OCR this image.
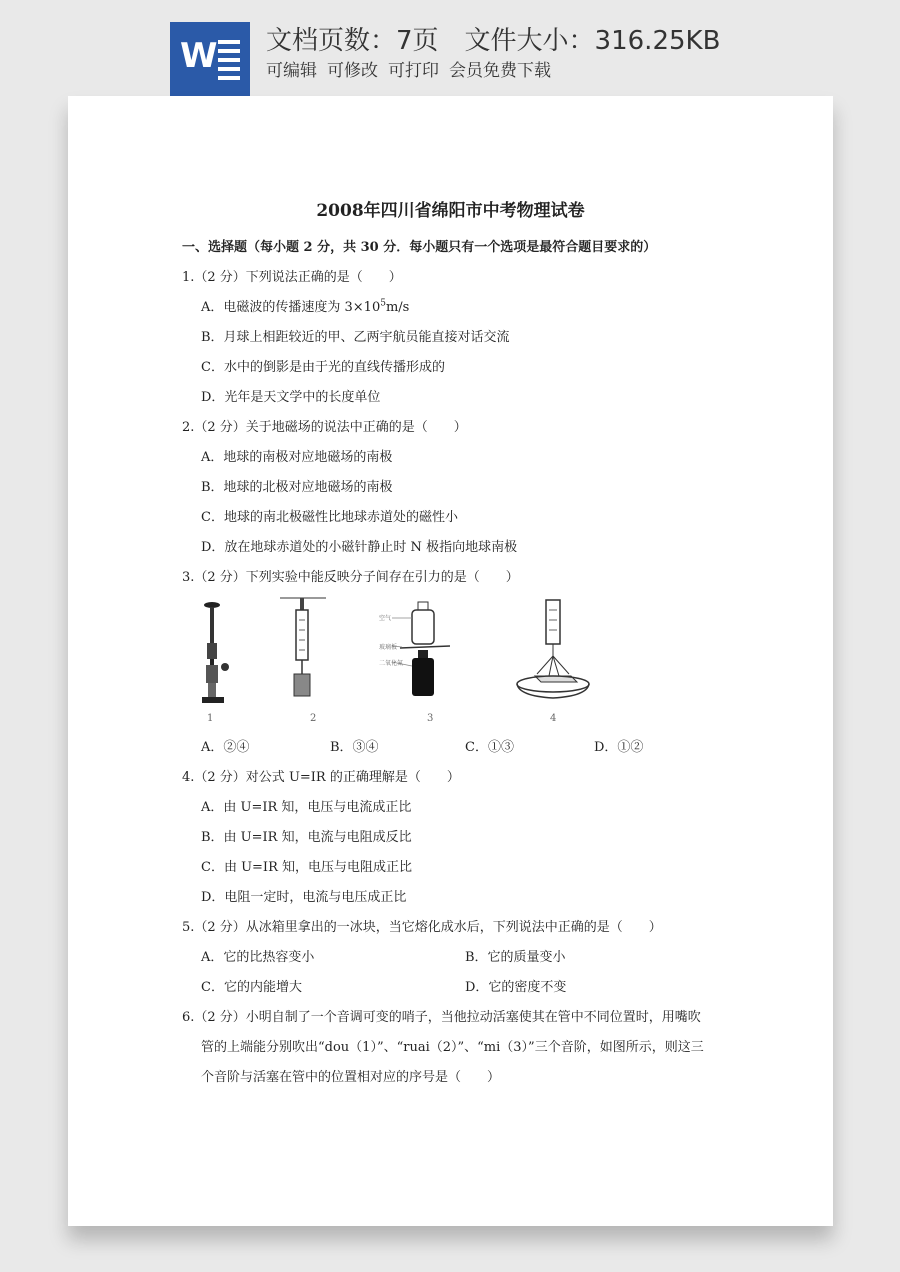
W 文档页数：7页 文件大小：316.25KB
可编辑 可修改 可打印 会员免费下载
2008年四川省绵阳市中考物理试卷
一、选择题（每小题 2 分，共 30 分．每小题只有一个选项是最符合题目要求的）
1.（2 分）下列说法正确的是（　　）
A．电磁波的传播速度为 $3\times 10^5m/s$
B．月球上相距较近的甲、乙两宇航员能直接对话交流
C．水中的倒影是由于光的直线传播形成的
D．光年是天文学中的长度单位
2.（2 分）关于地磁场的说法中正确的是（　　）
A．地球的南极对应地磁场的南极
B．地球的北极对应地磁场的南极
C．地球的南北极磁性比地球赤道处的磁性小
D．放在地球赤道处的小磁针静止时 N 极指向地球南极
3.（2 分）下列实验中能反映分子间存在引力的是（　　）
1	2
空气
玻璃板
二氧化氮
3	4
A．②④	B．③④	C．①③	D．①②
4.（2 分）对公式 U=IR 的正确理解是（　　）
A．由 U=IR 知，电压与电流成正比
B．由 U=IR 知，电流与电阻成反比
C．由 U=IR 知，电压与电阻成正比
D．电阻一定时，电流与电压成正比
5.（2 分）从冰箱里拿出的一冰块，当它熔化成水后，下列说法中正确的是（　　）
A．它的比热容变小	B．它的质量变小
C．它的内能增大	D．它的密度不变
6.（2 分）小明自制了一个音调可变的哨子，当他拉动活塞使其在管中不同位置时，用嘴吹
管的上端能分别吹出“dou（1）”、“ruai（2）”、“mi（3）”三个音阶，如图所示，则这三
个音阶与活塞在管中的位置相对应的序号是（　　）
